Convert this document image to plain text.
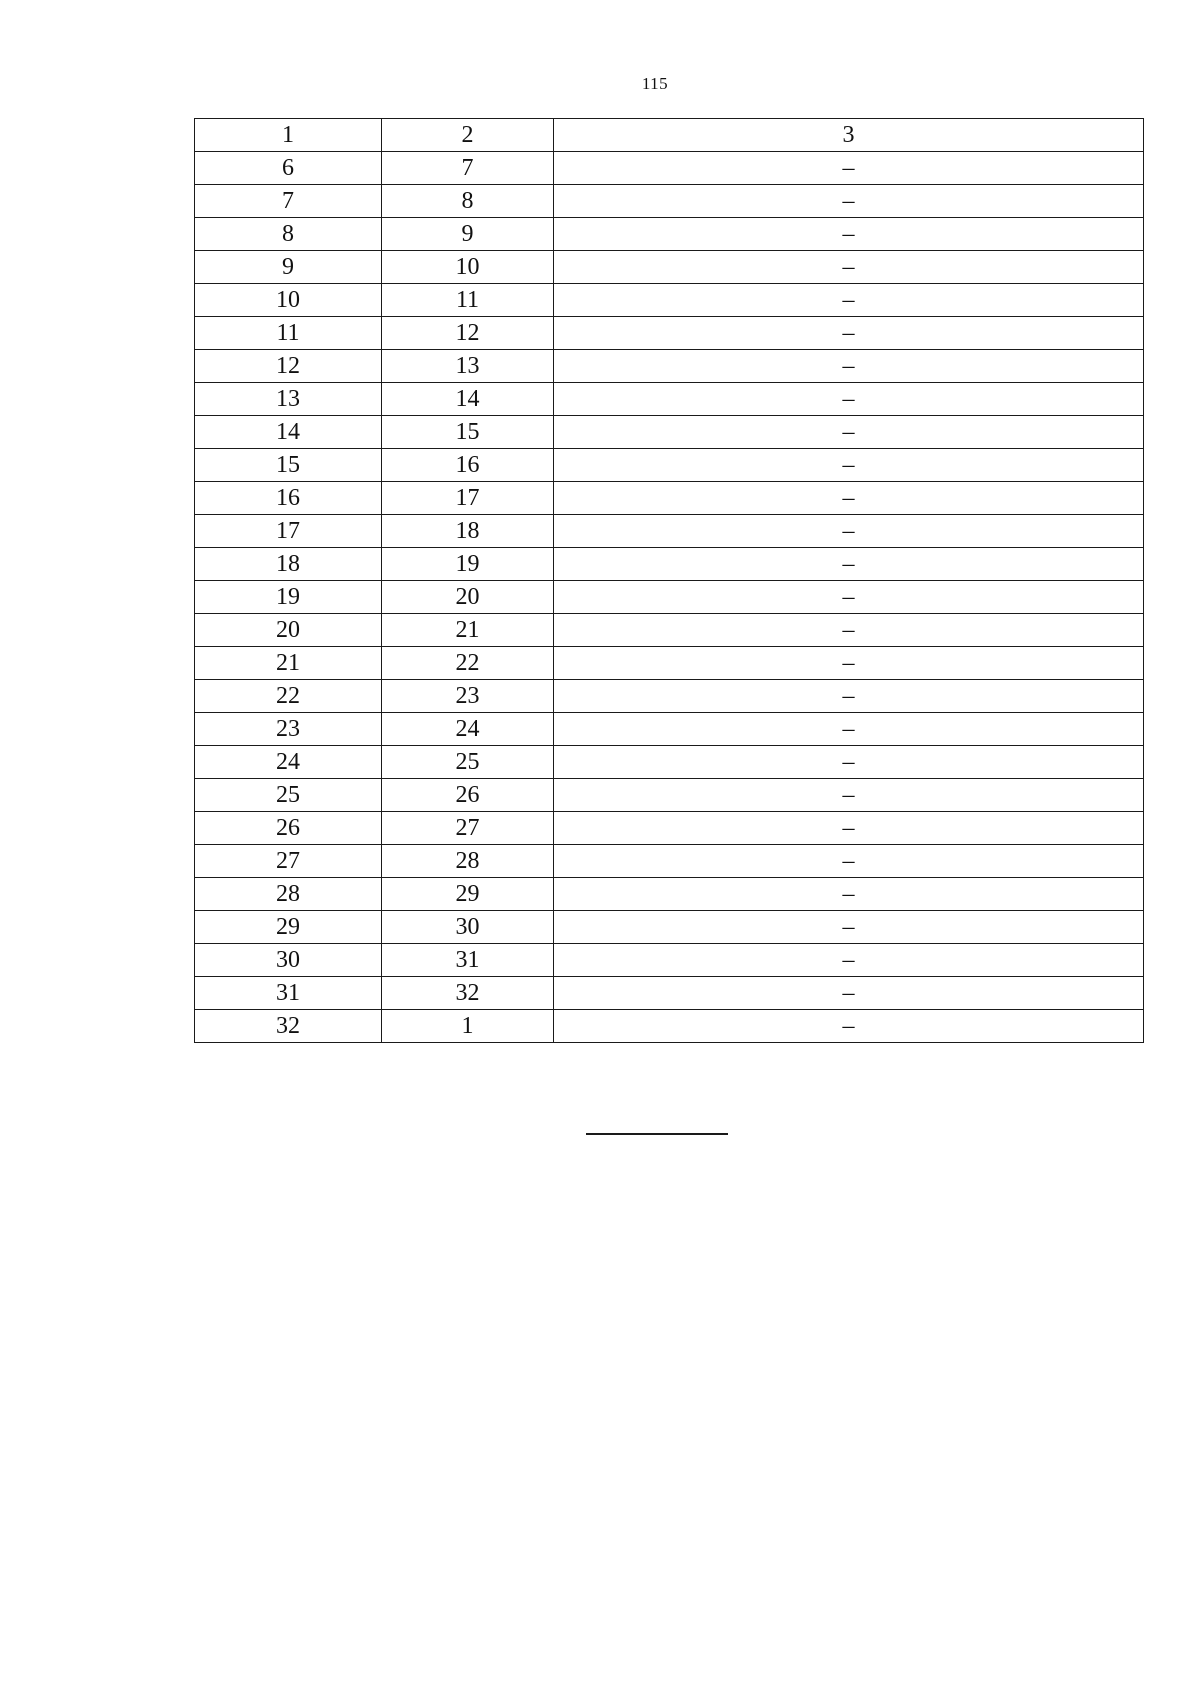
115
1	2	3
6	7	–
7	8	–
8	9	–
9	10	–
10	11	–
11	12	–
12	13	–
13	14	–
14	15	–
15	16	–
16	17	–
17	18	–
18	19	–
19	20	–
20	21	–
21	22	–
22	23	–
23	24	–
24	25	–
25	26	–
26	27	–
27	28	–
28	29	–
29	30	–
30	31	–
31	32	–
32	1	–
